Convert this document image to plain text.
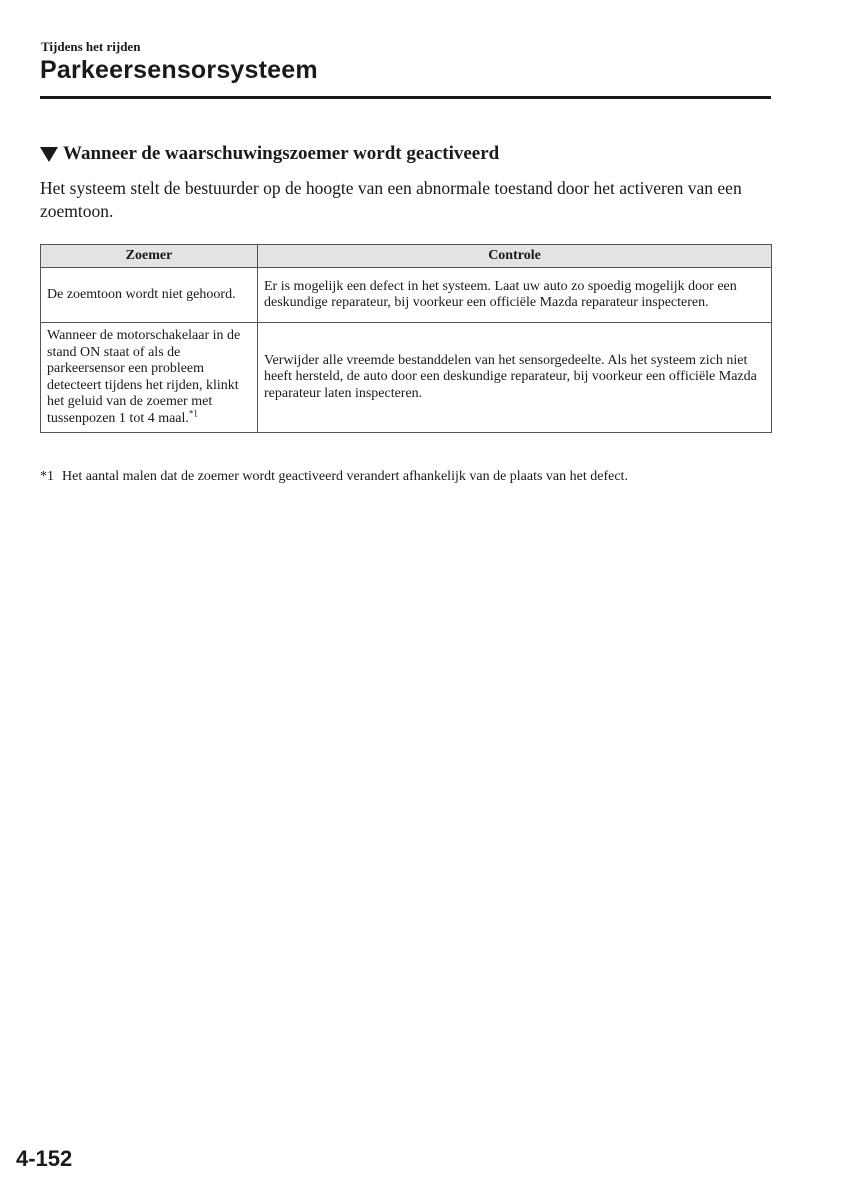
Tijdens het rijden
Parkeersensorsysteem
Wanneer de waarschuwingszoemer wordt geactiveerd
Het systeem stelt de bestuurder op de hoogte van een abnormale toestand door het activeren van een zoemtoon.
Zoemer	Controle
De zoemtoon wordt niet gehoord.	Er is mogelijk een defect in het systeem. Laat uw auto zo spoedig mogelijk door een deskundige reparateur, bij voorkeur een officiële Mazda reparateur inspecteren.
Wanneer de motorschakelaar in de stand ON staat of als de parkeersensor een probleem detecteert tijdens het rijden, klinkt het geluid van de zoemer met tussenpozen 1 tot 4 maal.$^{*1}$	Verwijder alle vreemde bestanddelen van het sensorgedeelte. Als het systeem zich niet heeft hersteld, de auto door een deskundige reparateur, bij voorkeur een officiële Mazda reparateur laten inspecteren.
*1 Het aantal malen dat de zoemer wordt geactiveerd verandert afhankelijk van de plaats van het defect.
4-152
